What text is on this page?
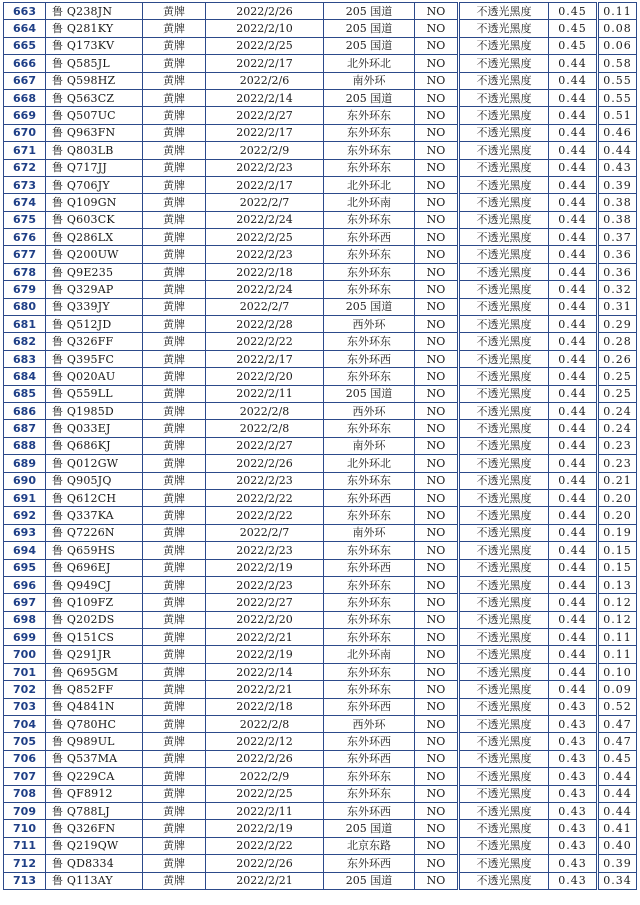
663	鲁 Q238JN	黄牌	2022/2/26	205 国道	NO	不透光黑度	0.45	0.11
664	鲁 Q281KY	黄牌	2022/2/10	205 国道	NO	不透光黑度	0.45	0.08
665	鲁 Q173KV	黄牌	2022/2/25	205 国道	NO	不透光黑度	0.45	0.06
666	鲁 Q585JL	黄牌	2022/2/17	北外环北	NO	不透光黑度	0.44	0.58
667	鲁 Q598HZ	黄牌	2022/2/6	南外环	NO	不透光黑度	0.44	0.55
668	鲁 Q563CZ	黄牌	2022/2/14	205 国道	NO	不透光黑度	0.44	0.55
669	鲁 Q507UC	黄牌	2022/2/27	东外环东	NO	不透光黑度	0.44	0.51
670	鲁 Q963FN	黄牌	2022/2/17	东外环东	NO	不透光黑度	0.44	0.46
671	鲁 Q803LB	黄牌	2022/2/9	东外环东	NO	不透光黑度	0.44	0.44
672	鲁 Q717JJ	黄牌	2022/2/23	东外环东	NO	不透光黑度	0.44	0.43
673	鲁 Q706JY	黄牌	2022/2/17	北外环北	NO	不透光黑度	0.44	0.39
674	鲁 Q109GN	黄牌	2022/2/7	北外环南	NO	不透光黑度	0.44	0.38
675	鲁 Q603CK	黄牌	2022/2/24	东外环东	NO	不透光黑度	0.44	0.38
676	鲁 Q286LX	黄牌	2022/2/25	东外环西	NO	不透光黑度	0.44	0.37
677	鲁 Q200UW	黄牌	2022/2/23	东外环东	NO	不透光黑度	0.44	0.36
678	鲁 Q9E235	黄牌	2022/2/18	东外环东	NO	不透光黑度	0.44	0.36
679	鲁 Q329AP	黄牌	2022/2/24	东外环东	NO	不透光黑度	0.44	0.32
680	鲁 Q339JY	黄牌	2022/2/7	205 国道	NO	不透光黑度	0.44	0.31
681	鲁 Q512JD	黄牌	2022/2/28	西外环	NO	不透光黑度	0.44	0.29
682	鲁 Q326FF	黄牌	2022/2/22	东外环东	NO	不透光黑度	0.44	0.28
683	鲁 Q395FC	黄牌	2022/2/17	东外环西	NO	不透光黑度	0.44	0.26
684	鲁 Q020AU	黄牌	2022/2/20	东外环东	NO	不透光黑度	0.44	0.25
685	鲁 Q559LL	黄牌	2022/2/11	205 国道	NO	不透光黑度	0.44	0.25
686	鲁 Q1985D	黄牌	2022/2/8	西外环	NO	不透光黑度	0.44	0.24
687	鲁 Q033EJ	黄牌	2022/2/8	东外环东	NO	不透光黑度	0.44	0.24
688	鲁 Q686KJ	黄牌	2022/2/27	南外环	NO	不透光黑度	0.44	0.23
689	鲁 Q012GW	黄牌	2022/2/26	北外环北	NO	不透光黑度	0.44	0.23
690	鲁 Q905JQ	黄牌	2022/2/23	东外环东	NO	不透光黑度	0.44	0.21
691	鲁 Q612CH	黄牌	2022/2/22	东外环西	NO	不透光黑度	0.44	0.20
692	鲁 Q337KA	黄牌	2022/2/22	东外环东	NO	不透光黑度	0.44	0.20
693	鲁 Q7226N	黄牌	2022/2/7	南外环	NO	不透光黑度	0.44	0.19
694	鲁 Q659HS	黄牌	2022/2/23	东外环东	NO	不透光黑度	0.44	0.15
695	鲁 Q696EJ	黄牌	2022/2/19	东外环西	NO	不透光黑度	0.44	0.15
696	鲁 Q949CJ	黄牌	2022/2/23	东外环东	NO	不透光黑度	0.44	0.13
697	鲁 Q109FZ	黄牌	2022/2/27	东外环东	NO	不透光黑度	0.44	0.12
698	鲁 Q202DS	黄牌	2022/2/20	东外环东	NO	不透光黑度	0.44	0.12
699	鲁 Q151CS	黄牌	2022/2/21	东外环东	NO	不透光黑度	0.44	0.11
700	鲁 Q291JR	黄牌	2022/2/19	北外环南	NO	不透光黑度	0.44	0.11
701	鲁 Q695GM	黄牌	2022/2/14	东外环东	NO	不透光黑度	0.44	0.10
702	鲁 Q852FF	黄牌	2022/2/21	东外环东	NO	不透光黑度	0.44	0.09
703	鲁 Q4841N	黄牌	2022/2/18	东外环西	NO	不透光黑度	0.43	0.52
704	鲁 Q780HC	黄牌	2022/2/8	西外环	NO	不透光黑度	0.43	0.47
705	鲁 Q989UL	黄牌	2022/2/12	东外环西	NO	不透光黑度	0.43	0.47
706	鲁 Q537MA	黄牌	2022/2/26	东外环西	NO	不透光黑度	0.43	0.45
707	鲁 Q229CA	黄牌	2022/2/9	东外环东	NO	不透光黑度	0.43	0.44
708	鲁 QF8912	黄牌	2022/2/25	东外环东	NO	不透光黑度	0.43	0.44
709	鲁 Q788LJ	黄牌	2022/2/11	东外环西	NO	不透光黑度	0.43	0.44
710	鲁 Q326FN	黄牌	2022/2/19	205 国道	NO	不透光黑度	0.43	0.41
711	鲁 Q219QW	黄牌	2022/2/22	北京东路	NO	不透光黑度	0.43	0.40
712	鲁 QD8334	黄牌	2022/2/26	东外环西	NO	不透光黑度	0.43	0.39
713	鲁 Q113AY	黄牌	2022/2/21	205 国道	NO	不透光黑度	0.43	0.34
